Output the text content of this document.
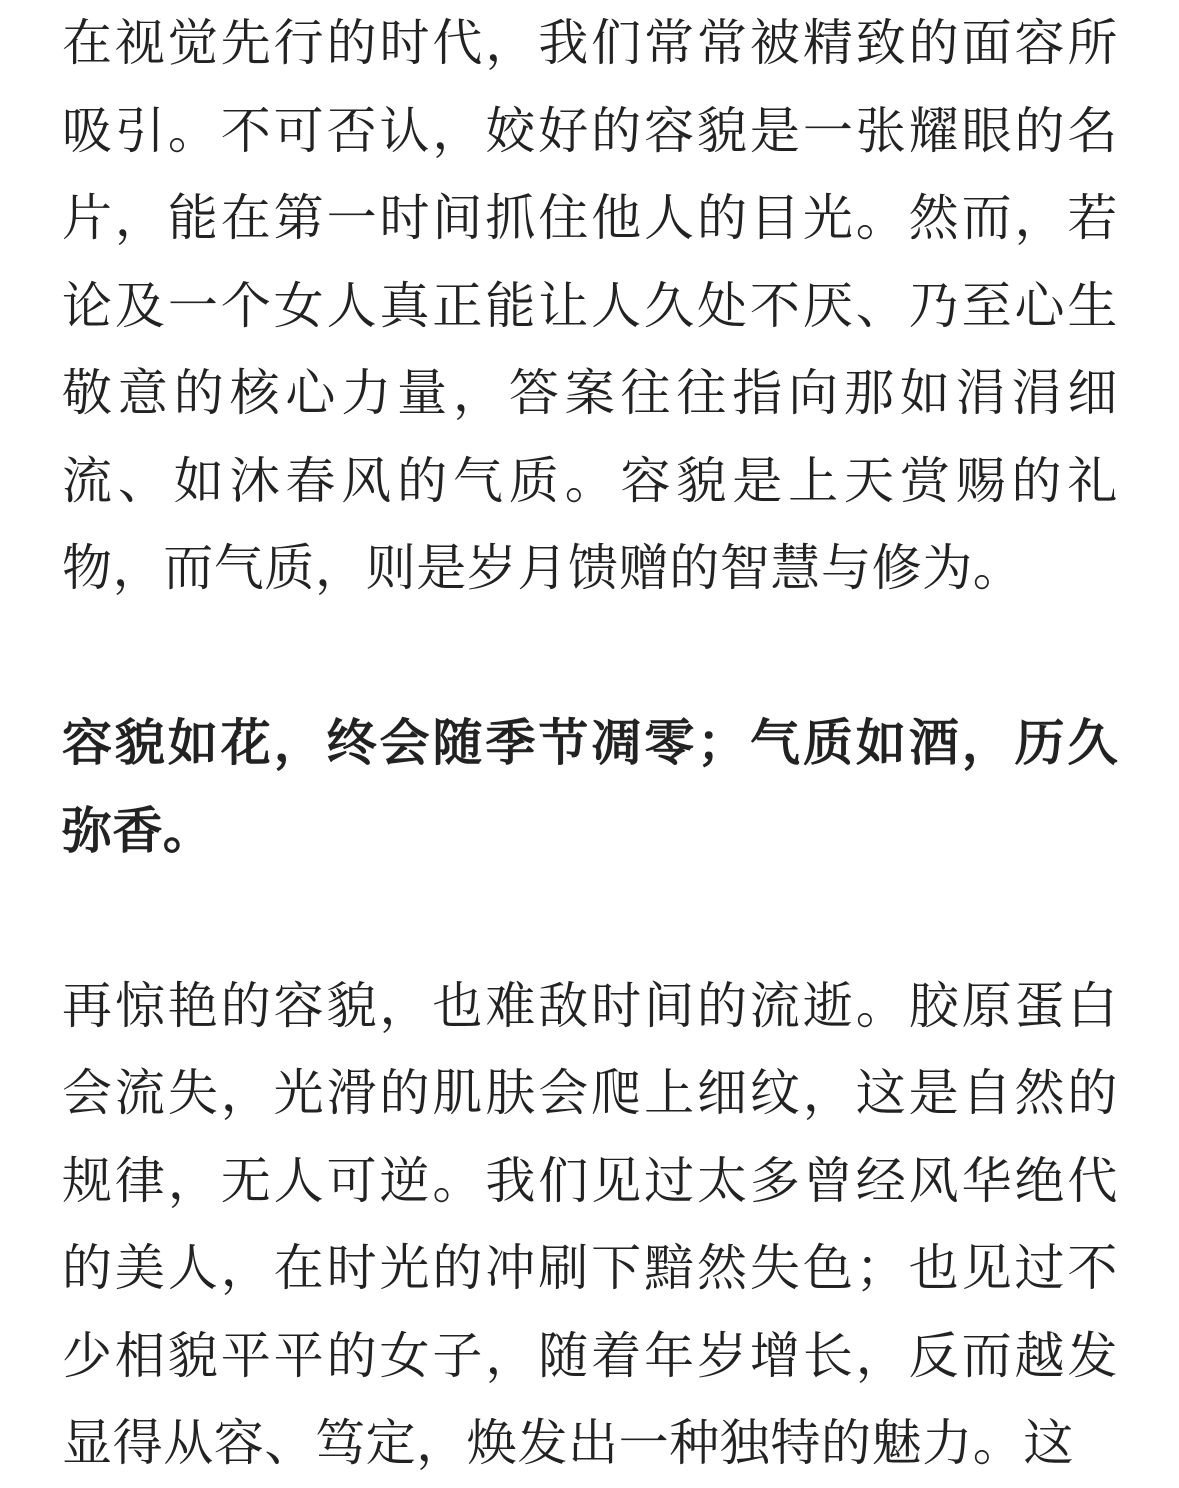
在视觉先行的时代，我们常常被精致的面容所吸引。不可否认，姣好的容貌是一张耀眼的名片，能在第一时间抓住他人的目光。然而，若论及一个女人真正能让人久处不厌、乃至心生敬意的核心力量，答案往往指向那如涓涓细流、如沐春风的气质。容貌是上天赏赐的礼物，而气质，则是岁月馈赠的智慧与修为。

容貌如花，终会随季节凋零；气质如酒，历久弥香。

再惊艳的容貌，也难敌时间的流逝。胶原蛋白会流失，光滑的肌肤会爬上细纹，这是自然的规律，无人可逆。我们见过太多曾经风华绝代的美人，在时光的冲刷下黯然失色；也见过不少相貌平平的女子，随着年岁增长，反而越发显得从容、笃定，焕发出一种独特的魅力。这
